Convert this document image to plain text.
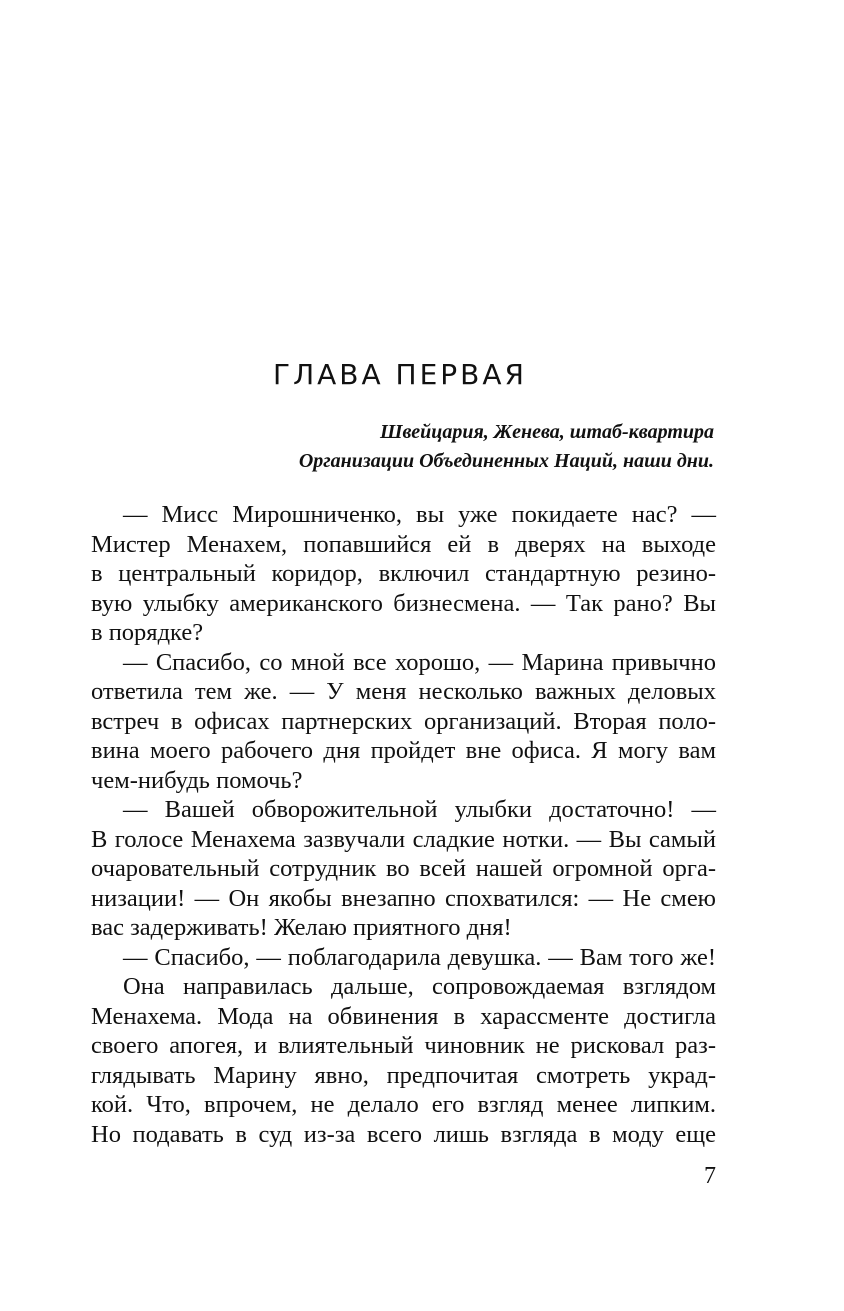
ГЛАВА ПЕРВАЯ
Швейцария, Женева, штаб-квартира
Организации Объединенных Наций, наши дни.
— Мисс Мирошниченко, вы уже покидаете нас? —
Мистер Менахем, попавшийся ей в дверях на выходе
в центральный коридор, включил стандартную резино-
вую улыбку американского бизнесмена. — Так рано? Вы
в порядке?
— Спасибо, со мной все хорошо, — Марина привычно
ответила тем же. — У меня несколько важных деловых
встреч в офисах партнерских организаций. Вторая поло-
вина моего рабочего дня пройдет вне офиса. Я могу вам
чем-нибудь помочь?
— Вашей обворожительной улыбки достаточно! —
В голосе Менахема зазвучали сладкие нотки. — Вы самый
очаровательный сотрудник во всей нашей огромной орга-
низации! — Он якобы внезапно спохватился: — Не смею
вас задерживать! Желаю приятного дня!
— Спасибо, — поблагодарила девушка. — Вам того же!
Она направилась дальше, сопровождаемая взглядом
Менахема. Мода на обвинения в харассменте достигла
своего апогея, и влиятельный чиновник не рисковал раз-
глядывать Марину явно, предпочитая смотреть украд-
кой. Что, впрочем, не делало его взгляд менее липким.
Но подавать в суд из-за всего лишь взгляда в моду еще
7
